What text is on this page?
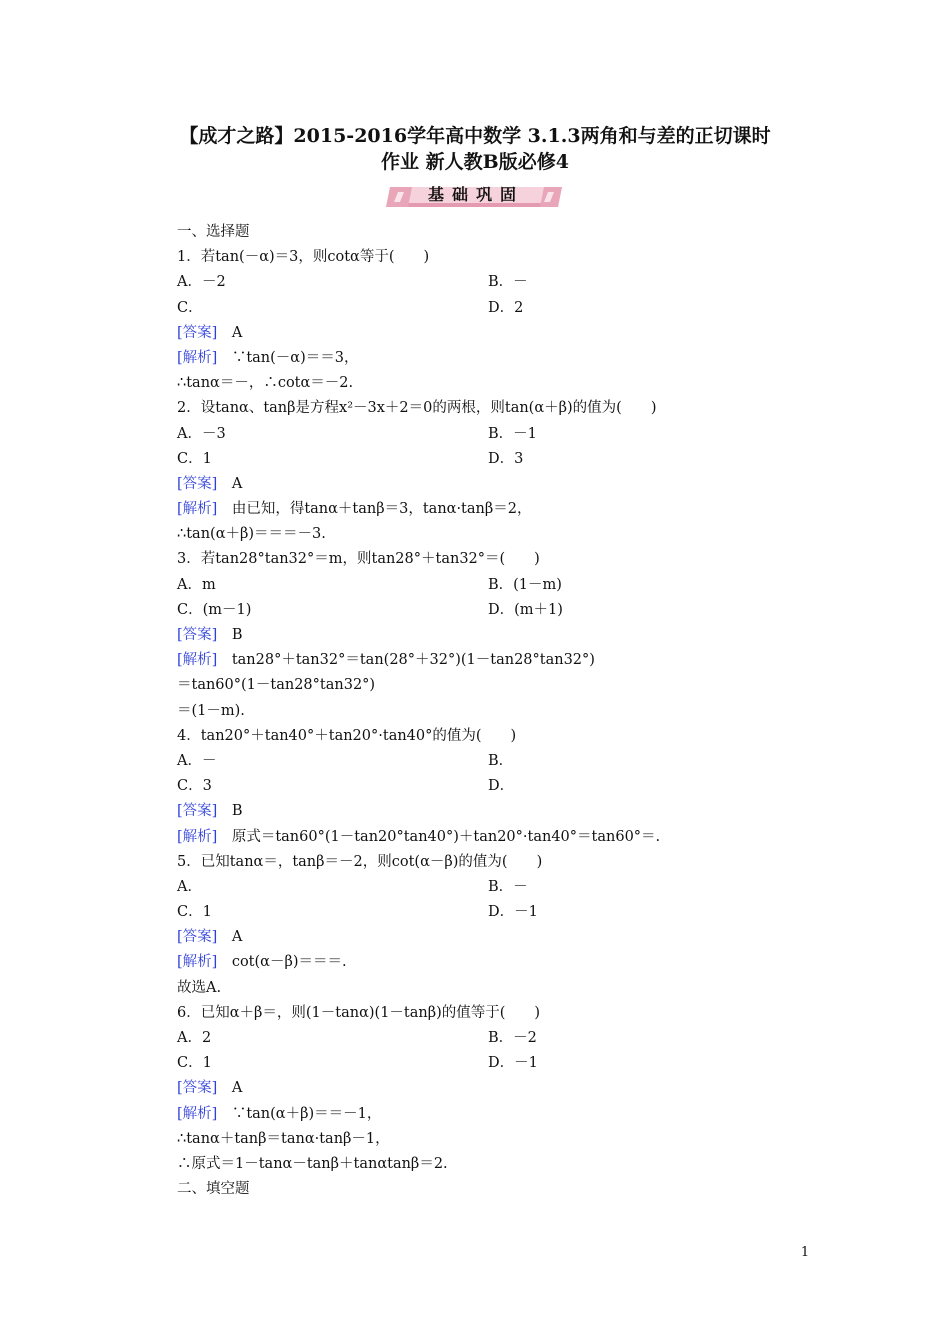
【成才之路】2015-2016学年高中数学 3.1.3两角和与差的正切课时
作业 新人教B版必修4
基础巩固
一、选择题
1．若tan(－α)＝3，则cotα等于(　　)
A．－2	B．－
C．	D．2
[答案]　A
[解析]　∵tan(－α)＝＝3，
∴tanα＝－，∴cotα＝－2.
2．设tanα、tanβ是方程x²－3x＋2＝0的两根，则tan(α＋β)的值为(　　)
A．－3	B．－1
C．1	D．3
[答案]　A
[解析]　由已知，得tanα＋tanβ＝3，tanα·tanβ＝2，
∴tan(α＋β)＝＝＝－3.
3．若tan28°tan32°＝m，则tan28°＋tan32°＝(　　)
A．m	B．(1－m)
C．(m－1)	D．(m＋1)
[答案]　B
[解析]　tan28°＋tan32°＝tan(28°＋32°)(1－tan28°tan32°)
＝tan60°(1－tan28°tan32°)
＝(1－m).
4．tan20°＋tan40°＋tan20°·tan40°的值为(　　)
A．－	B．
C．3	D．
[答案]　B
[解析]　原式＝tan60°(1－tan20°tan40°)＋tan20°·tan40°＝tan60°＝.
5．已知tanα＝，tanβ＝－2，则cot(α－β)的值为(　　)
A．	B．－
C．1	D．－1
[答案]　A
[解析]　cot(α－β)＝＝＝.
故选A.
6．已知α＋β＝，则(1－tanα)(1－tanβ)的值等于(　　)
A．2	B．－2
C．1	D．－1
[答案]　A
[解析]　∵tan(α＋β)＝＝－1，
∴tanα＋tanβ＝tanα·tanβ－1，
∴原式＝1－tanα－tanβ＋tanαtanβ＝2.
二、填空题
1
